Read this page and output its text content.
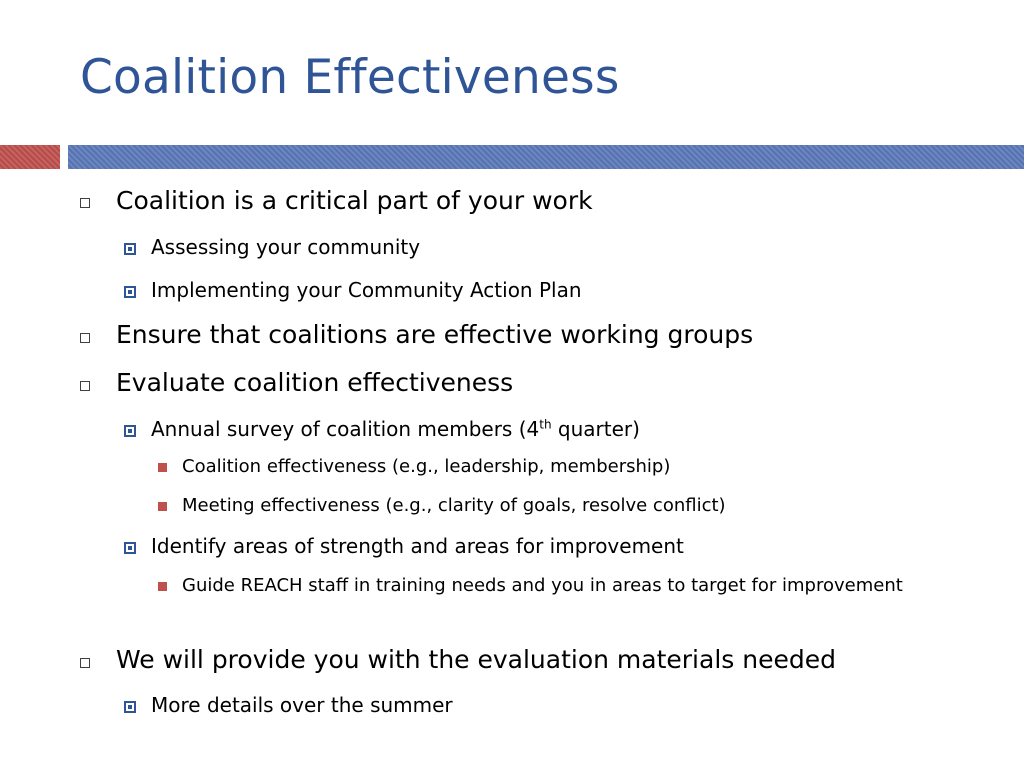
Coalition Effectiveness
Coalition is a critical part of your work
Assessing your community
Implementing your Community Action Plan
Ensure that coalitions are effective working groups
Evaluate coalition effectiveness
Annual survey of coalition members (4th quarter)
Coalition effectiveness (e.g., leadership, membership)
Meeting effectiveness (e.g., clarity of goals, resolve conflict)
Identify areas of strength and areas for improvement
Guide REACH staff in training needs and you in areas to target for improvement
We will provide you with the evaluation materials needed
More details over the summer
